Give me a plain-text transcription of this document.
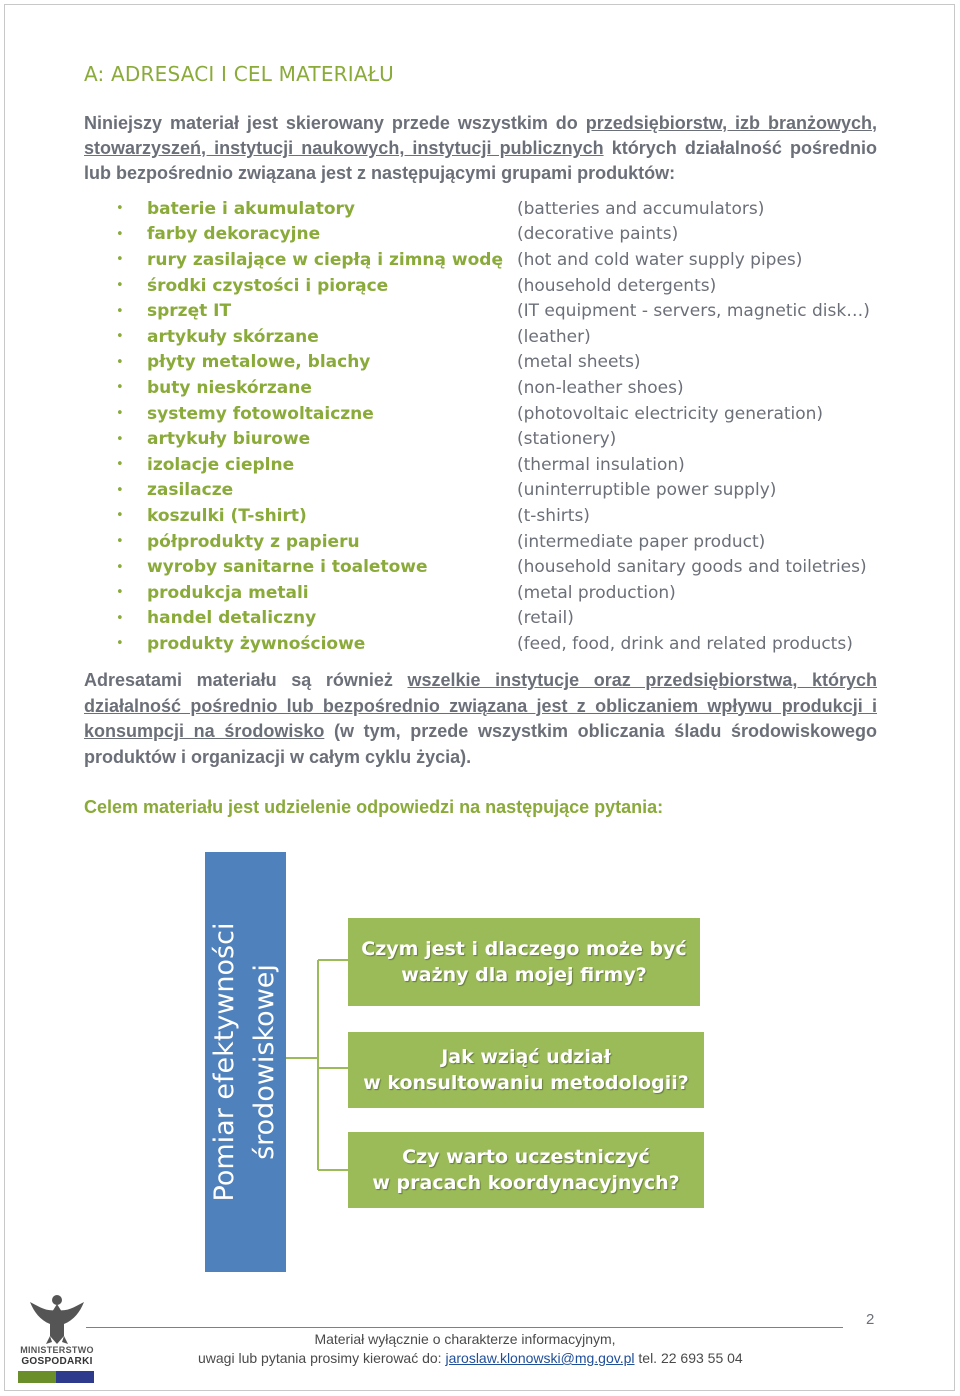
A: ADRESACI I CEL MATERIAŁU
Niniejszy materiał jest skierowany przede wszystkim do przedsiębiorstw, izb branżowych, stowarzyszeń, instytucji naukowych, instytucji publicznych których działalność pośrednio lub bezpośrednio związana jest z następującymi grupami produktów:
•	baterie i akumulatory	(batteries and accumulators)
•	farby dekoracyjne	(decorative paints)
•	rury zasilające w ciepłą i zimną wodę (hot and cold water supply pipes)
•	środki czystości i piorące	(household detergents)
•	sprzęt IT	(IT equipment - servers, magnetic disk…)
•	artykuły skórzane	(leather)
•	płyty metalowe, blachy	(metal sheets)
•	buty nieskórzane	(non-leather shoes)
•	systemy fotowoltaiczne	(photovoltaic electricity generation)
•	artykuły biurowe	(stationery)
•	izolacje cieplne	(thermal insulation)
•	zasilacze	(uninterruptible power supply)
•	koszulki (T-shirt)	(t-shirts)
•	półprodukty z papieru	(intermediate paper product)
•	wyroby sanitarne i toaletowe	(household sanitary goods and toiletries)
•	produkcja metali	(metal production)
•	handel detaliczny	(retail)
•	produkty żywnościowe	(feed, food, drink and related products)
Adresatami materiału są również wszelkie instytucje oraz przedsiębiorstwa, których działalność pośrednio lub bezpośrednio związana jest z obliczaniem wpływu produkcji i konsumpcji na środowisko (w tym, przede wszystkim obliczania śladu środowiskowego produktów i organizacji w całym cyklu życia).
Celem materiału jest udzielenie odpowiedzi na następujące pytania:
Pomiar efektywności środowiskowej
Czym jest i dlaczego może być
ważny dla mojej firmy?
Jak wziąć udział
w konsultowaniu metodologii?
Czy warto uczestniczyć
w pracach koordynacyjnych?
MINISTERSTWO
GOSPODARKI
2
Materiał wyłącznie o charakterze informacyjnym,
uwagi lub pytania prosimy kierować do: jaroslaw.klonowski@mg.gov.pl tel. 22 693 55 04
